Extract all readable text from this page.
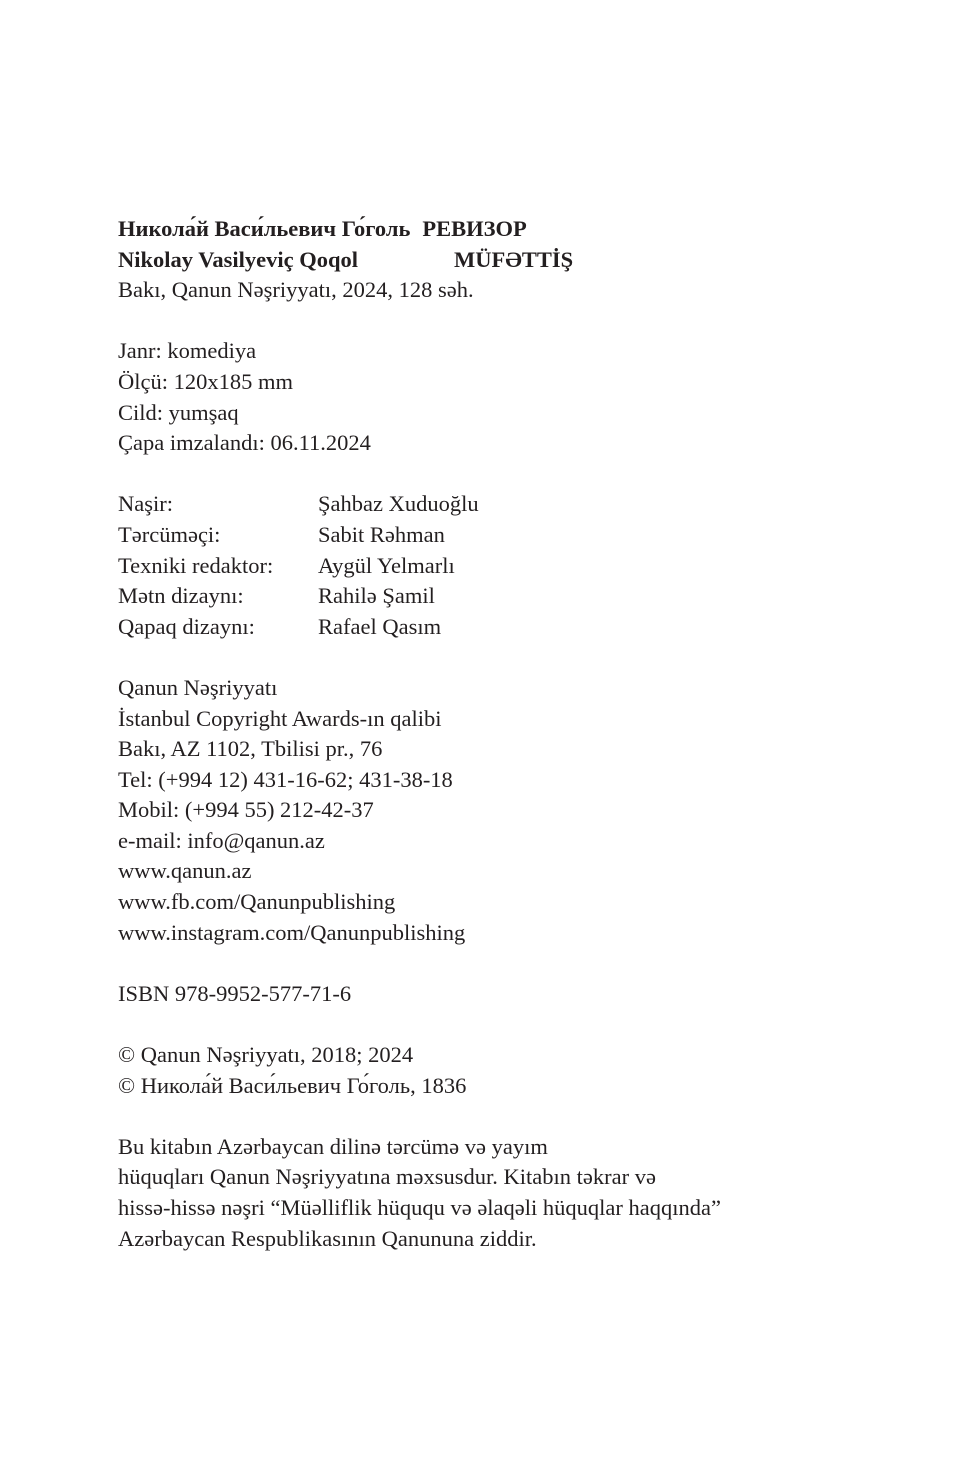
Никола́й Васи́льевич Го́голь РЕВИЗОР
Nikolay Vasilyeviç Qoqol	MÜFƏTTİŞ
Bakı, Qanun Nəşriyyatı, 2024, 128 səh.
Janr: komediya
Ölçü: 120x185 mm
Cild: yumşaq
Çapa imzalandı: 06.11.2024
Naşir:	Şahbaz Xuduoğlu
Tərcüməçi:	Sabit Rəhman
Texniki redaktor: Aygül Yelmarlı
Mətn dizaynı:	Rahilə Şamil
Qapaq dizaynı:	Rafael Qasım
Qanun Nəşriyyatı
İstanbul Copyright Awards-ın qalibi
Bakı, AZ 1102, Tbilisi pr., 76
Tel: (+994 12) 431-16-62; 431-38-18
Mobil: (+994 55) 212-42-37
e-mail: info@qanun.az
www.qanun.az
www.fb.com/Qanunpublishing
www.instagram.com/Qanunpublishing
ISBN 978-9952-577-71-6
© Qanun Nəşriyyatı, 2018; 2024
© Никола́й Васи́льевич Го́голь, 1836
Bu kitabın Azərbaycan dilinə tərcümə və yayım
hüquqları Qanun Nəşriyyatına məxsusdur. Kitabın təkrar və
hissə-hissə nəşri “Müəlliflik hüququ və əlaqəli hüquqlar haqqında”
Azərbaycan Respublikasının Qanununa ziddir.
